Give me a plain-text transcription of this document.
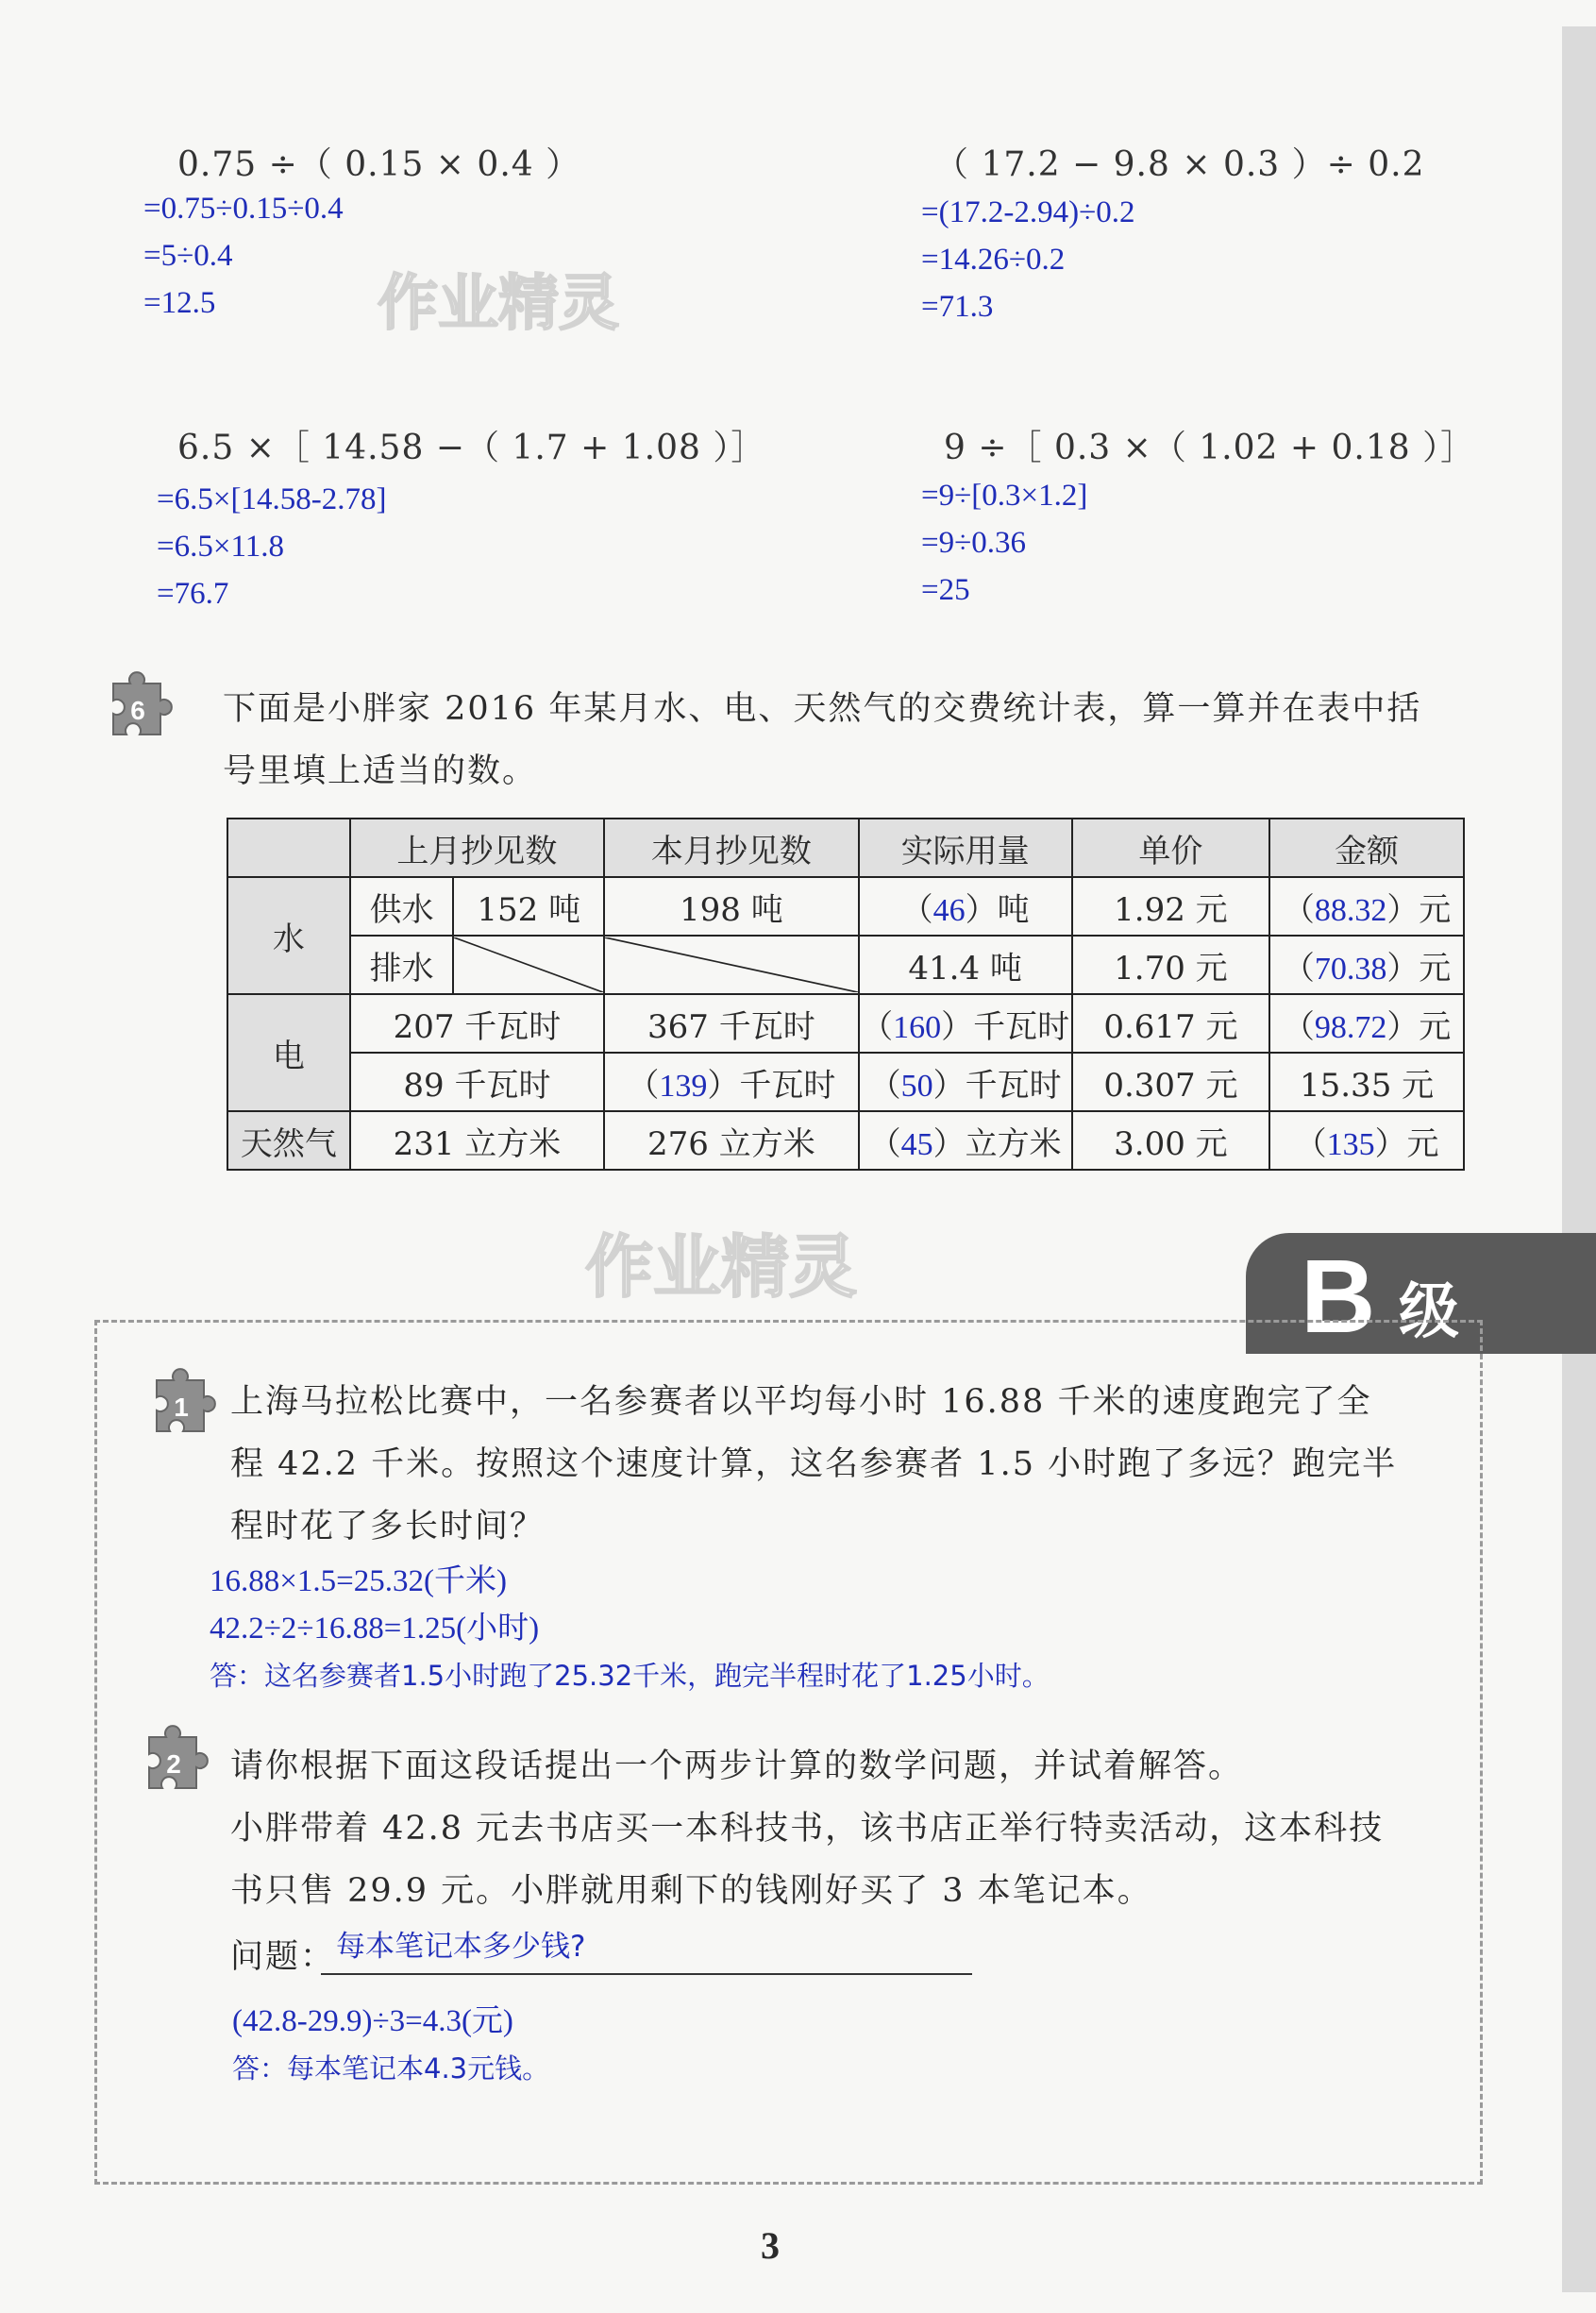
0.75 ÷（ 0.15 × 0.4 ）
=0.75÷0.15÷0.4
=5÷0.4
=12.5
（ 17.2 − 9.8 × 0.3 ）÷ 0.2
=(17.2-2.94)÷0.2
=14.26÷0.2
=71.3
6.5 ×［ 14.58 −（ 1.7 + 1.08 ）］
=6.5×[14.58-2.78]
=6.5×11.8
=76.7
9 ÷［ 0.3 ×（ 1.02 + 0.18 ）］
=9÷[0.3×1.2]
=9÷0.36
=25
作业精灵
作业精灵
6 下面是小胖家 2016 年某月水、电、天然气的交费统计表，算一算并在表中括
号里填上适当的数。
	上月抄见数		本月抄见数	实际用量	单价	金额
水	供水	152 吨	198 吨	（46）吨	1.92 元	（88.32）元
	排水			41.4 吨	1.70 元	（70.38）元
电	207 千瓦时		367 千瓦时	（160）千瓦时	0.617 元	（98.72）元
	89 千瓦时		（139）千瓦时	（50）千瓦时	0.307 元	15.35 元
天然气	231 立方米		276 立方米	（45）立方米	3.00 元	（135）元
B 级
1 上海马拉松比赛中，一名参赛者以平均每小时 16.88 千米的速度跑完了全
程 42.2 千米。按照这个速度计算，这名参赛者 1.5 小时跑了多远？跑完半
程时花了多长时间？
16.88×1.5=25.32(千米)
42.2÷2÷16.88=1.25(小时)
答：这名参赛者1.5小时跑了25.32千米，跑完半程时花了1.25小时。
2 请你根据下面这段话提出一个两步计算的数学问题，并试着解答。
小胖带着 42.8 元去书店买一本科技书，该书店正举行特卖活动，这本科技
书只售 29.9 元。小胖就用剩下的钱刚好买了 3 本笔记本。
问题： 每本笔记本多少钱?
(42.8-29.9)÷3=4.3(元)
答：每本笔记本4.3元钱。
3
